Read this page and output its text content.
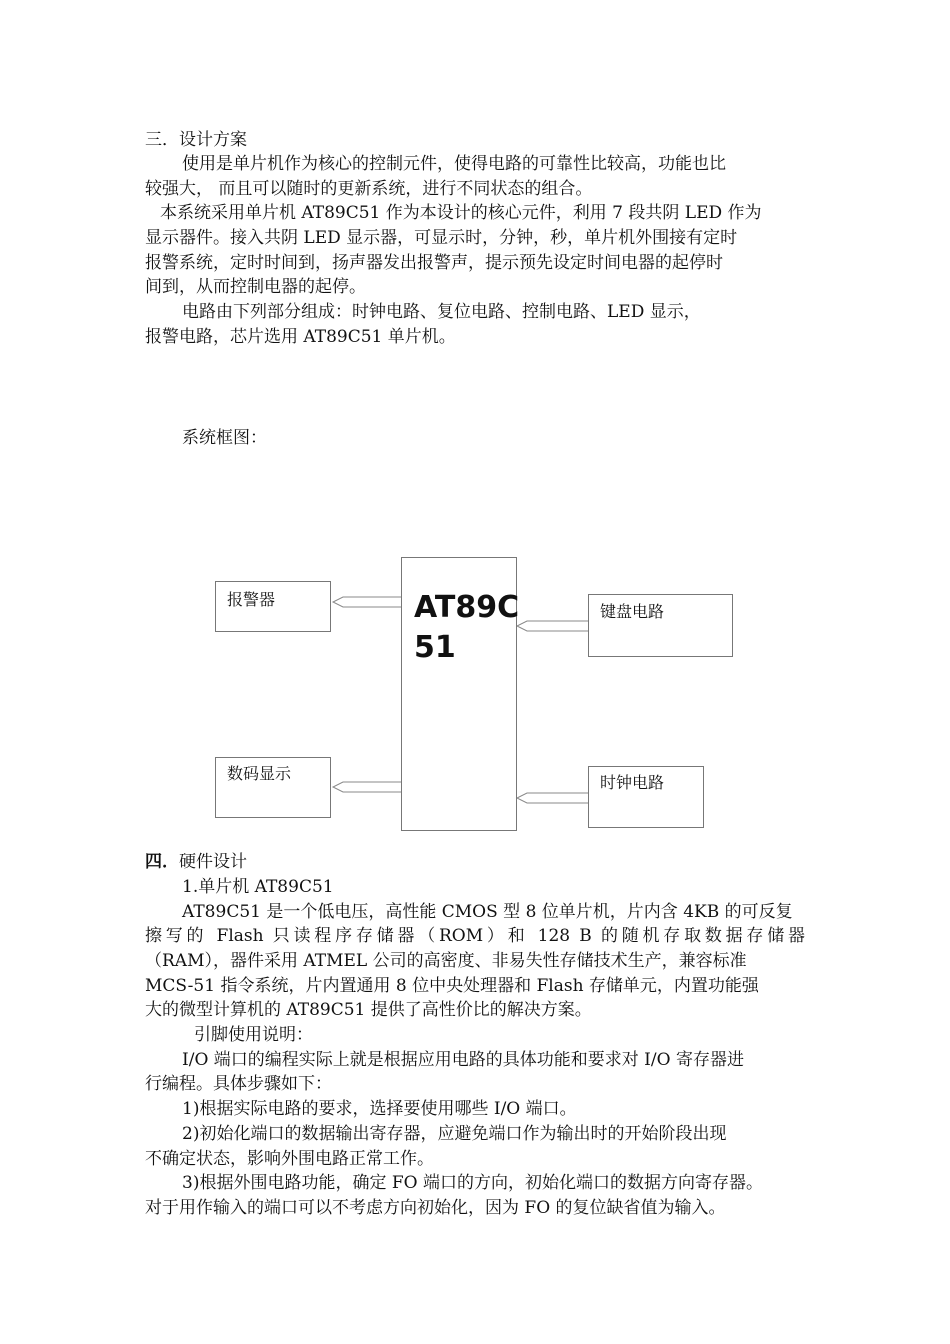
三．设计方案
使用是单片机作为核心的控制元件，使得电路的可靠性比较高，功能也比
较强大， 而且可以随时的更新系统，进行不同状态的组合。
本系统采用单片机 AT89C51 作为本设计的核心元件，利用 7 段共阴 LED 作为
显示器件。接入共阴 LED 显示器，可显示时，分钟，秒，单片机外围接有定时
报警系统，定时时间到，扬声器发出报警声，提示预先设定时间电器的起停时
间到，从而控制电器的起停。
电路由下列部分组成：时钟电路、复位电路、控制电路、LED 显示，
报警电路，芯片选用 AT89C51 单片机。
系统框图：
AT89C
51
报警器
数码显示
键盘电路
时钟电路
四．硬件设计
1.单片机 AT89C51
AT89C51 是一个低电压，高性能 CMOS 型 8 位单片机，片内含 4KB 的可反复
擦写的 Flash 只读程序存储器（ROM）和 128 B 的随机存取数据存储器
（RAM），器件采用 ATMEL 公司的高密度、非易失性存储技术生产，兼容标准
MCS-51 指令系统，片内置通用 8 位中央处理器和 Flash 存储单元，内置功能强
大的微型计算机的 AT89C51 提供了高性价比的解决方案。
引脚使用说明：
I/O 端口的编程实际上就是根据应用电路的具体功能和要求对 I/O 寄存器进
行编程。具体步骤如下：
1)根据实际电路的要求，选择要使用哪些 I/O 端口。
2)初始化端口的数据输出寄存器，应避免端口作为输出时的开始阶段出现
不确定状态，影响外围电路正常工作。
3)根据外围电路功能，确定 FO 端口的方向，初始化端口的数据方向寄存器。
对于用作输入的端口可以不考虑方向初始化，因为 FO 的复位缺省值为输入。
